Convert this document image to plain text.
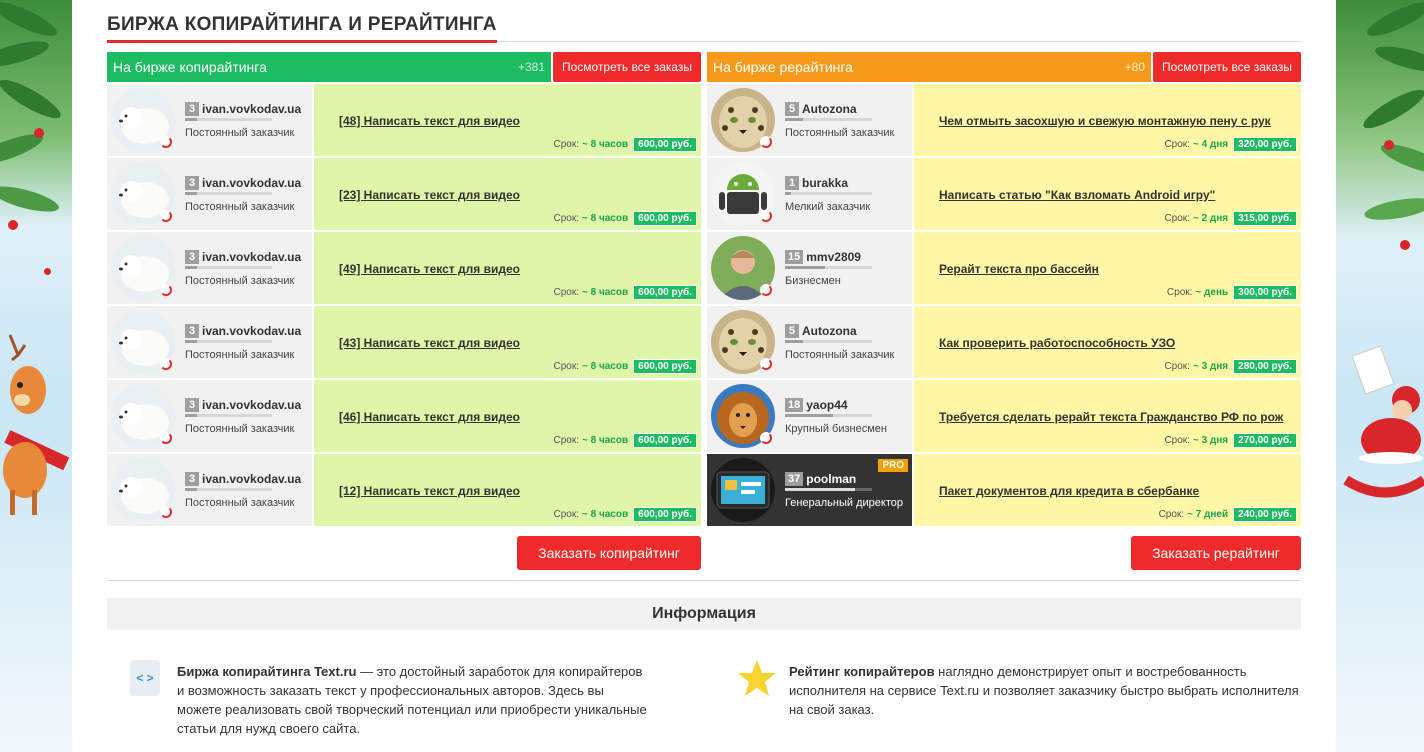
БИРЖА КОПИРАЙТИНГА И РЕРАЙТИНГА
На бирже копирайтинга	+381	Посмотреть все заказы
3 ivan.vovkodav.ua
Постоянный заказчик
[48] Написать текст для видео
Срок: ~ 8 часов	600,00 руб.
3 ivan.vovkodav.ua
Постоянный заказчик
[23] Написать текст для видео
Срок: ~ 8 часов	600,00 руб.
3 ivan.vovkodav.ua
Постоянный заказчик
[49] Написать текст для видео
Срок: ~ 8 часов	600,00 руб.
3 ivan.vovkodav.ua
Постоянный заказчик
[43] Написать текст для видео
Срок: ~ 8 часов	600,00 руб.
3 ivan.vovkodav.ua
Постоянный заказчик
[46] Написать текст для видео
Срок: ~ 8 часов	600,00 руб.
3 ivan.vovkodav.ua
Постоянный заказчик
[12] Написать текст для видео
Срок: ~ 8 часов	600,00 руб.
На бирже рерайтинга	+80	Посмотреть все заказы
5 Autozona
Постоянный заказчик
Чем отмыть засохшую и свежую монтажную пену с рук
Срок: ~ 4 дня	320,00 руб.
1 burakka
Мелкий заказчик
Написать статью "Как взломать Android игру"
Срок: ~ 2 дня	315,00 руб.
15 mmv2809
Бизнесмен
Рерайт текста про бассейн
Срок: ~ день	300,00 руб.
5 Autozona
Постоянный заказчик
Как проверить работоспособность УЗО
Срок: ~ 3 дня	280,00 руб.
18 yaop44
Крупный бизнесмен
Требуется сделать рерайт текста Гражданство РФ по рож
Срок: ~ 3 дня	270,00 руб.
PRO
37 poolman
Генеральный директор
Пакет документов для кредита в сбербанке
Срок: ~ 7 дней	240,00 руб.
Заказать копирайтинг	Заказать рерайтинг
Информация
< >	Биржа копирайтинга Text.ru — это достойный заработок для копирайтеров и возможность заказать текст у профессиональных авторов. Здесь вы можете реализовать свой творческий потенциал или приобрести уникальные статьи для нужд своего сайта.
Рейтинг копирайтеров наглядно демонстрирует опыт и востребованность исполнителя на сервисе Text.ru и позволяет заказчику быстро выбрать исполнителя на свой заказ.
